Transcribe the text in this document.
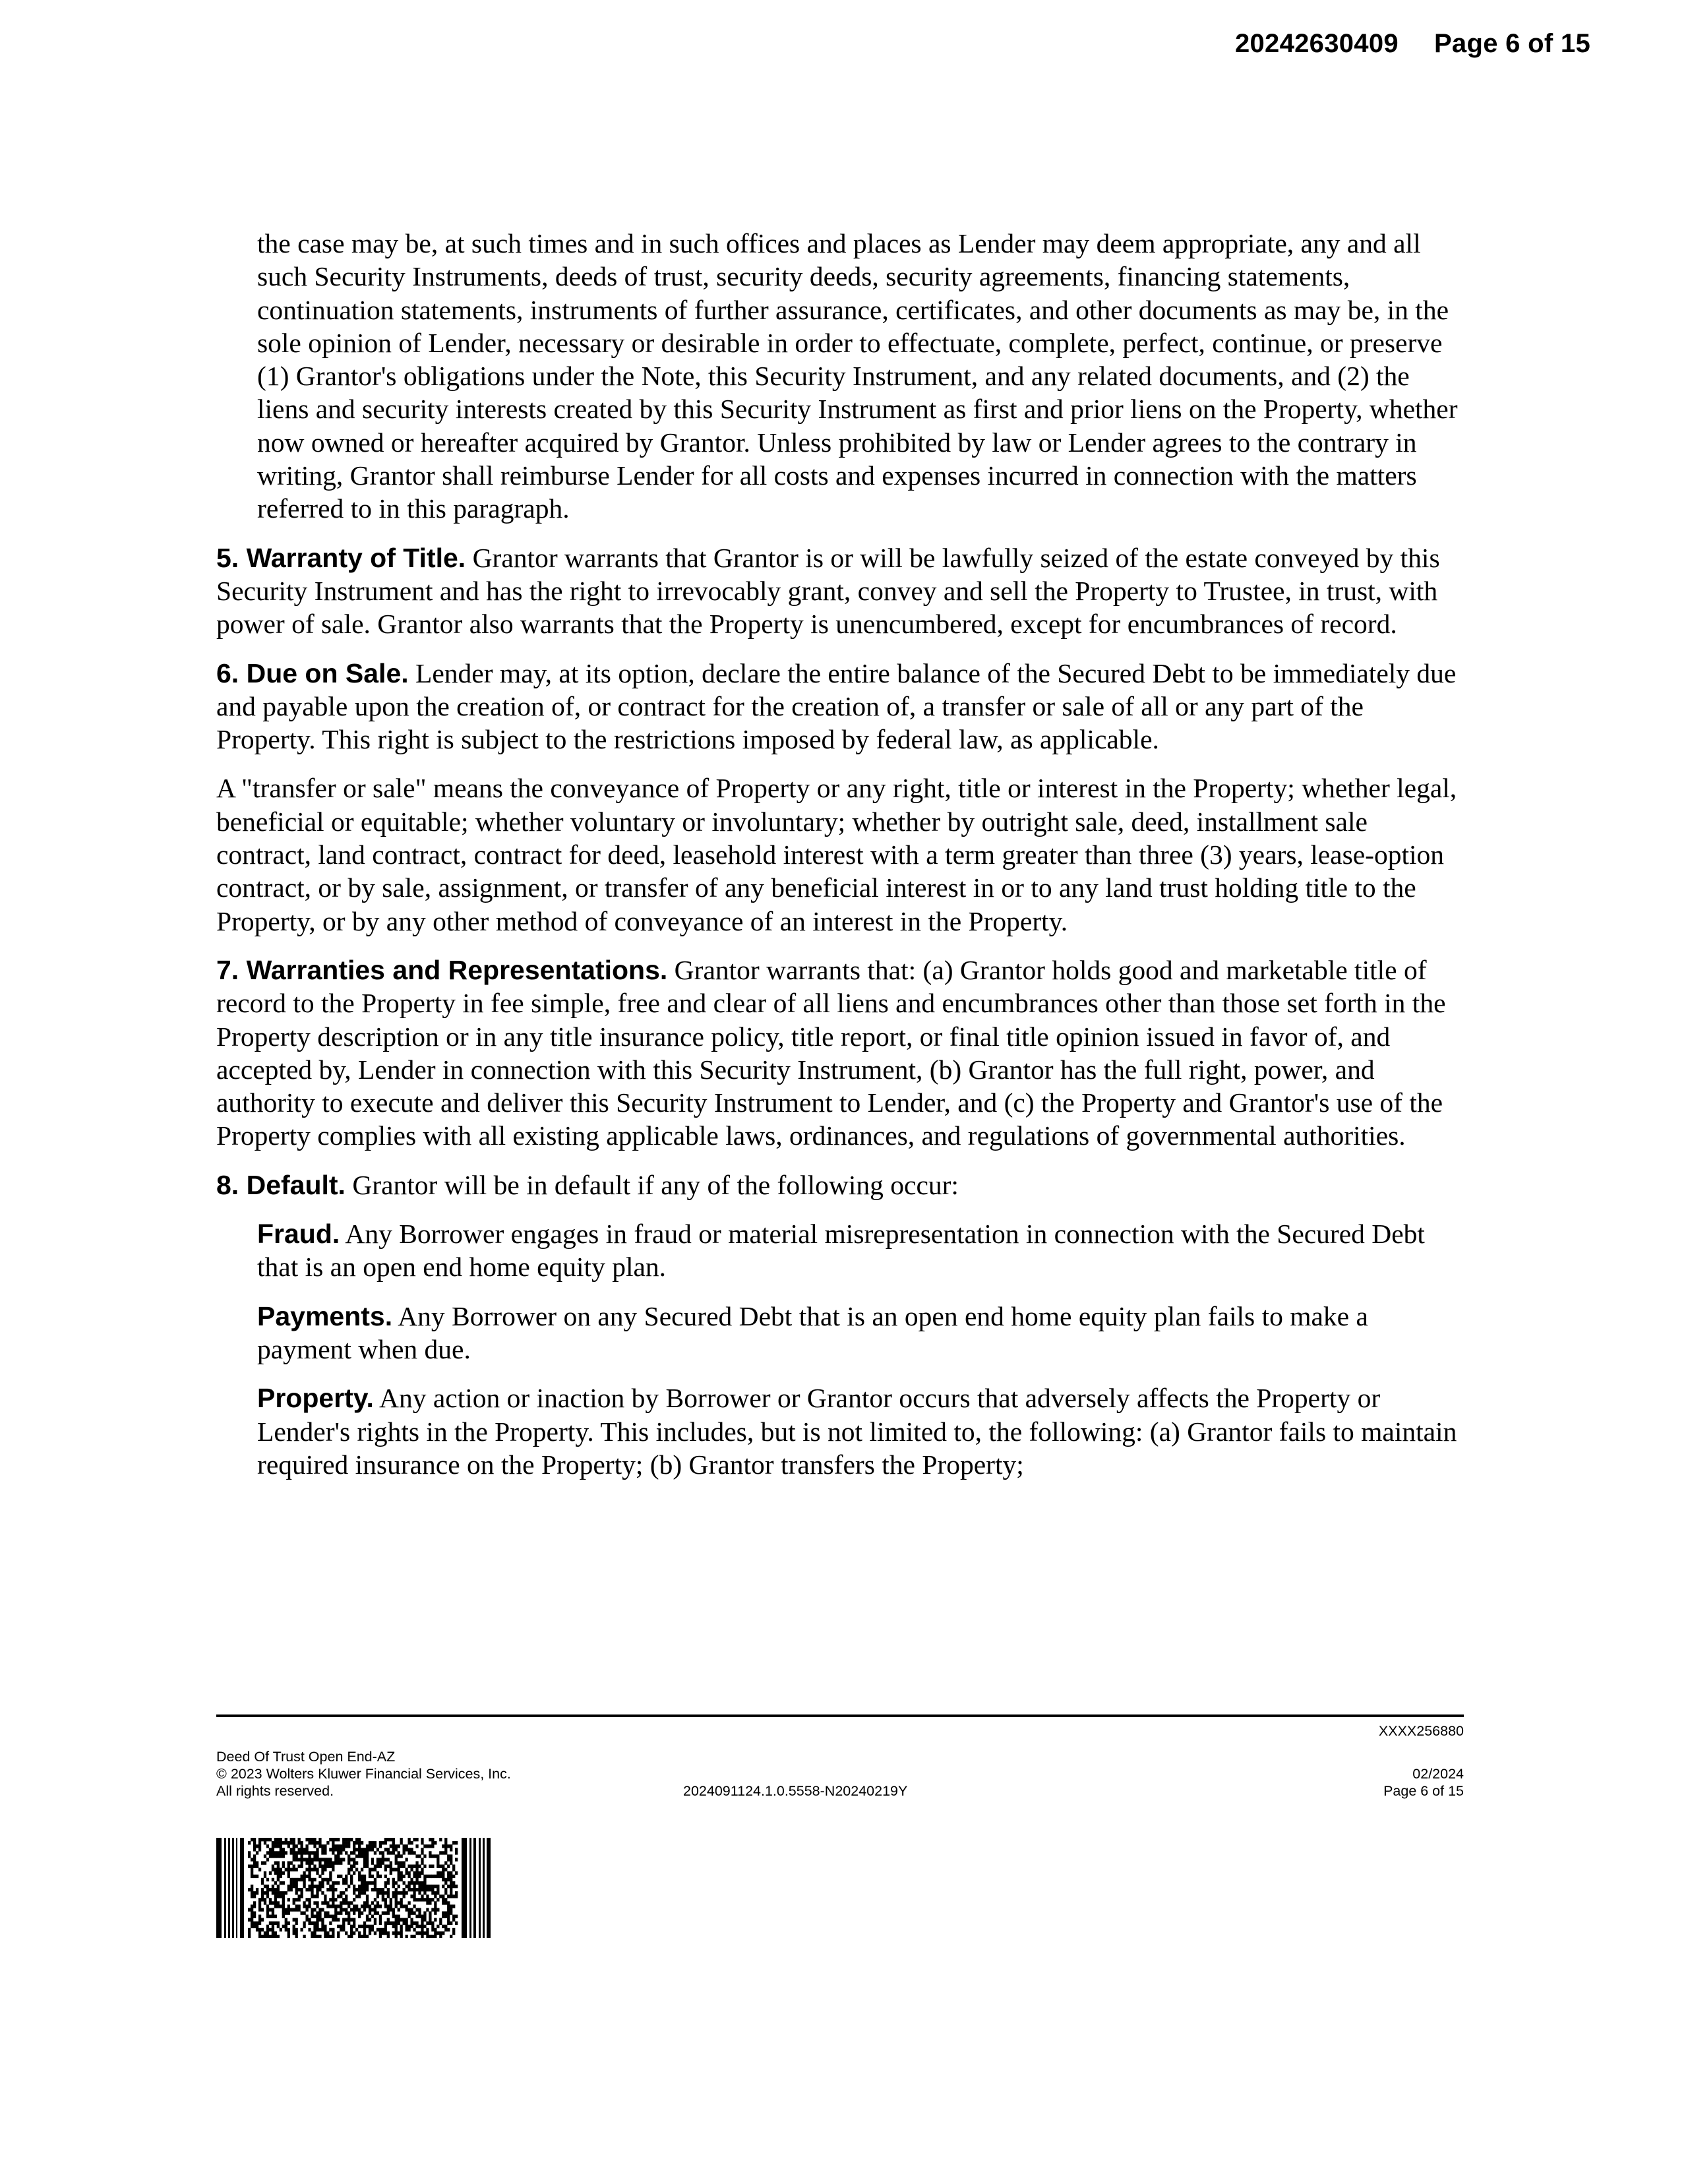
20242630409 Page 6 of 15

the case may be, at such times and in such offices and places as Lender may deem appropriate, any and all such Security Instruments, deeds of trust, security deeds, security agreements, financing statements, continuation statements, instruments of further assurance, certificates, and other documents as may be, in the sole opinion of Lender, necessary or desirable in order to effectuate, complete, perfect, continue, or preserve (1) Grantor's obligations under the Note, this Security Instrument, and any related documents, and (2) the liens and security interests created by this Security Instrument as first and prior liens on the Property, whether now owned or hereafter acquired by Grantor. Unless prohibited by law or Lender agrees to the contrary in writing, Grantor shall reimburse Lender for all costs and expenses incurred in connection with the matters referred to in this paragraph.

5. Warranty of Title. Grantor warrants that Grantor is or will be lawfully seized of the estate conveyed by this Security Instrument and has the right to irrevocably grant, convey and sell the Property to Trustee, in trust, with power of sale. Grantor also warrants that the Property is unencumbered, except for encumbrances of record.

6. Due on Sale. Lender may, at its option, declare the entire balance of the Secured Debt to be immediately due and payable upon the creation of, or contract for the creation of, a transfer or sale of all or any part of the Property. This right is subject to the restrictions imposed by federal law, as applicable.

A "transfer or sale" means the conveyance of Property or any right, title or interest in the Property; whether legal, beneficial or equitable; whether voluntary or involuntary; whether by outright sale, deed, installment sale contract, land contract, contract for deed, leasehold interest with a term greater than three (3) years, lease-option contract, or by sale, assignment, or transfer of any beneficial interest in or to any land trust holding title to the Property, or by any other method of conveyance of an interest in the Property.

7. Warranties and Representations. Grantor warrants that: (a) Grantor holds good and marketable title of record to the Property in fee simple, free and clear of all liens and encumbrances other than those set forth in the Property description or in any title insurance policy, title report, or final title opinion issued in favor of, and accepted by, Lender in connection with this Security Instrument, (b) Grantor has the full right, power, and authority to execute and deliver this Security Instrument to Lender, and (c) the Property and Grantor's use of the Property complies with all existing applicable laws, ordinances, and regulations of governmental authorities.

8. Default. Grantor will be in default if any of the following occur:

Fraud. Any Borrower engages in fraud or material misrepresentation in connection with the Secured Debt that is an open end home equity plan.

Payments. Any Borrower on any Secured Debt that is an open end home equity plan fails to make a payment when due.

Property. Any action or inaction by Borrower or Grantor occurs that adversely affects the Property or Lender's rights in the Property. This includes, but is not limited to, the following: (a) Grantor fails to maintain required insurance on the Property; (b) Grantor transfers the Property;

XXXX256880
Deed Of Trust Open End-AZ
© 2023 Wolters Kluwer Financial Services, Inc.
All rights reserved.	2024091124.1.0.5558-N20240219Y
02/2024
Page 6 of 15
